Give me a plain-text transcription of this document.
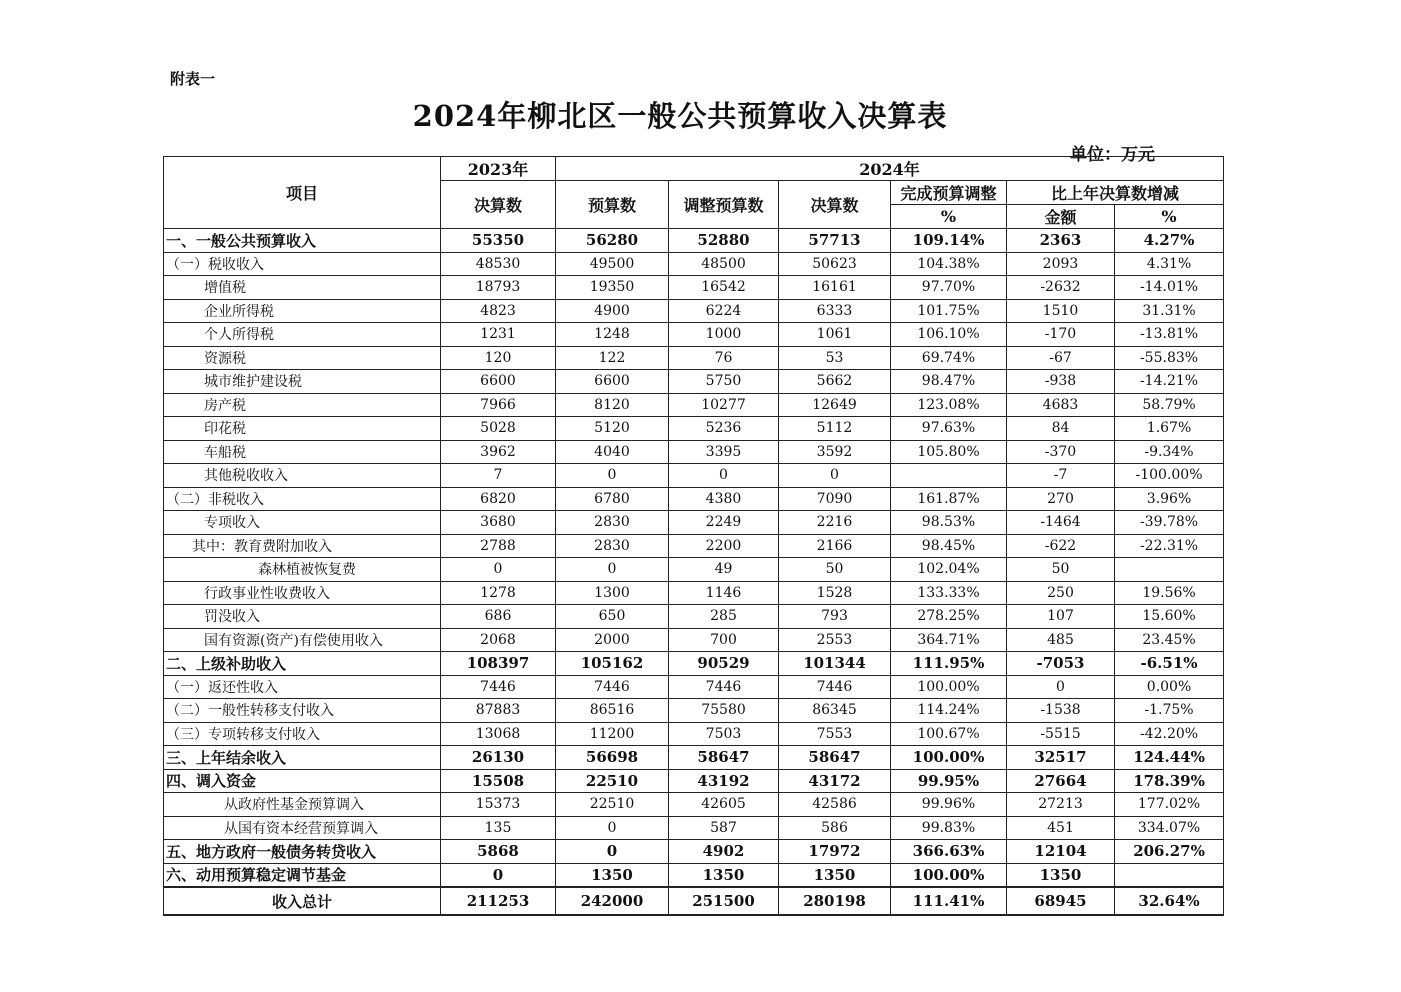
附表一
2024年柳北区一般公共预算收入决算表
单位：万元
项目	2023年	2024年					
	决算数	预算数	调整预算数	决算数	完成预算调整	比上年决算数增减	
					%	金额	%
一、一般公共预算收入	55350	56280	52880	57713	109.14%	2363	4.27%
（一）税收收入	48530	49500	48500	50623	104.38%	2093	4.31%
增值税	18793	19350	16542	16161	97.70%	-2632	-14.01%
企业所得税	4823	4900	6224	6333	101.75%	1510	31.31%
个人所得税	1231	1248	1000	1061	106.10%	-170	-13.81%
资源税	120	122	76	53	69.74%	-67	-55.83%
城市维护建设税	6600	6600	5750	5662	98.47%	-938	-14.21%
房产税	7966	8120	10277	12649	123.08%	4683	58.79%
印花税	5028	5120	5236	5112	97.63%	84	1.67%
车船税	3962	4040	3395	3592	105.80%	-370	-9.34%
其他税收收入	7	0	0	0		-7	-100.00%
（二）非税收入	6820	6780	4380	7090	161.87%	270	3.96%
专项收入	3680	2830	2249	2216	98.53%	-1464	-39.78%
其中：教育费附加收入	2788	2830	2200	2166	98.45%	-622	-22.31%
森林植被恢复费	0	0	49	50	102.04%	50	
行政事业性收费收入	1278	1300	1146	1528	133.33%	250	19.56%
罚没收入	686	650	285	793	278.25%	107	15.60%
国有资源(资产)有偿使用收入	2068	2000	700	2553	364.71%	485	23.45%
二、上级补助收入	108397	105162	90529	101344	111.95%	-7053	-6.51%
（一）返还性收入	7446	7446	7446	7446	100.00%	0	0.00%
（二）一般性转移支付收入	87883	86516	75580	86345	114.24%	-1538	-1.75%
（三）专项转移支付收入	13068	11200	7503	7553	100.67%	-5515	-42.20%
三、上年结余收入	26130	56698	58647	58647	100.00%	32517	124.44%
四、调入资金	15508	22510	43192	43172	99.95%	27664	178.39%
从政府性基金预算调入	15373	22510	42605	42586	99.96%	27213	177.02%
从国有资本经营预算调入	135	0	587	586	99.83%	451	334.07%
五、地方政府一般债务转贷收入	5868	0	4902	17972	366.63%	12104	206.27%
六、动用预算稳定调节基金	0	1350	1350	1350	100.00%	1350	
收入总计	211253	242000	251500	280198	111.41%	68945	32.64%
